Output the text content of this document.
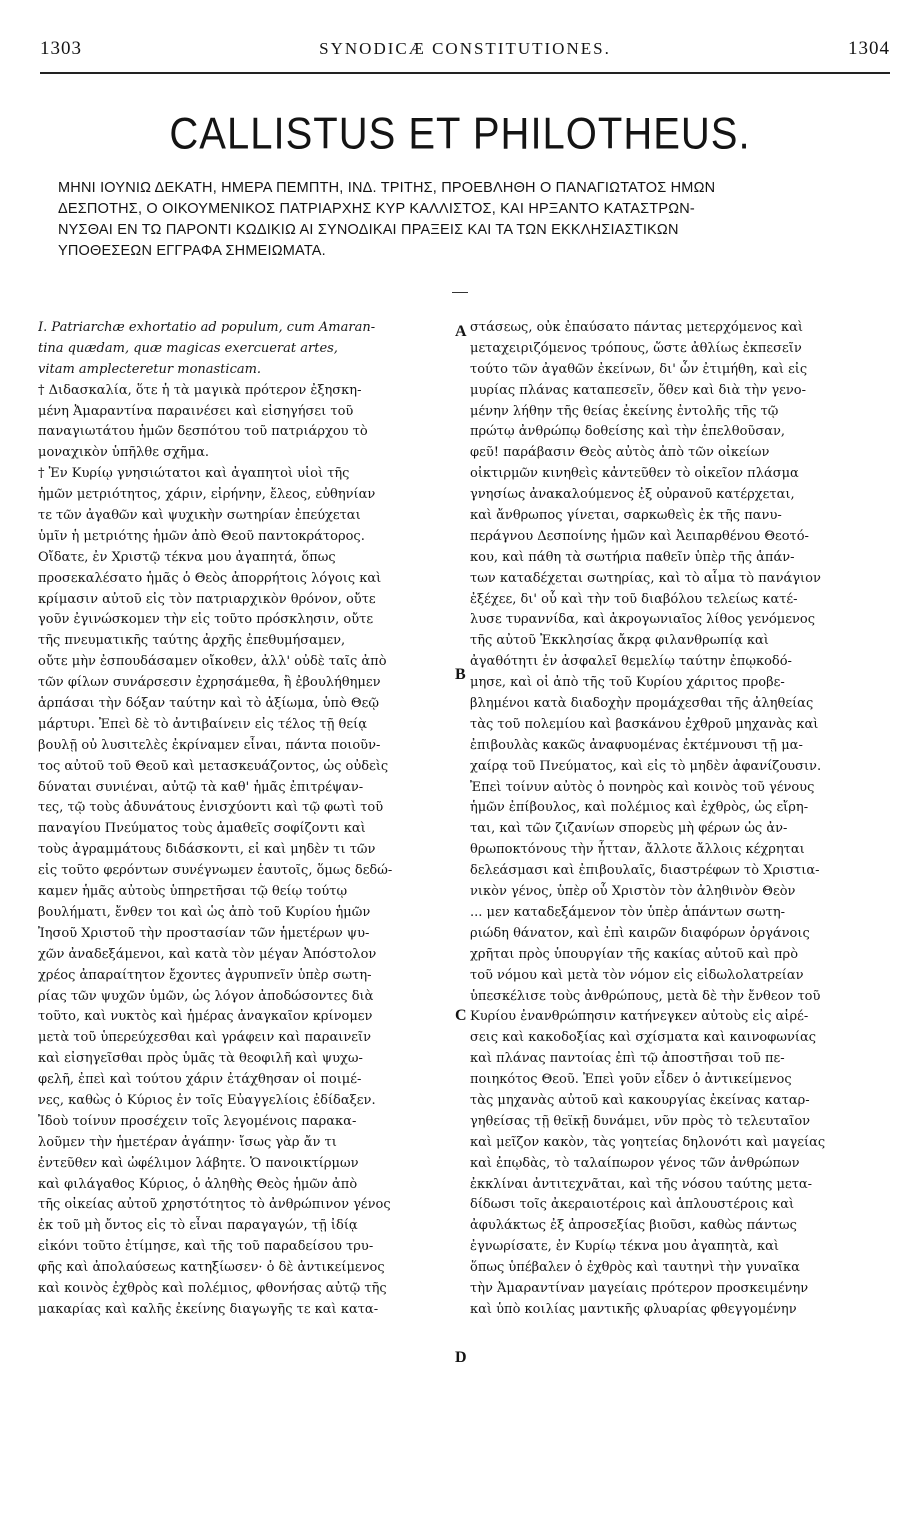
1303	SYNODICÆ CONSTITUTIONES.	1304
CALLISTUS ET PHILOTHEUS.
ΜΗΝΙ ΙΟΥΝΙΩ ΔΕΚΑΤΗ, ΗΜΕΡΑ ΠΕΜΠΤΗ, ΙΝΔ. ΤΡΙΤΗΣ, ΠΡΟΕΒΛΗΘΗ Ο ΠΑΝΑΓΙΩΤΑΤΟΣ ΗΜΩΝ
ΔΕΣΠΟΤΗΣ, Ο ΟΙΚΟΥΜΕΝΙΚΟΣ ΠΑΤΡΙΑΡΧΗΣ ΚΥΡ ΚΑΛΛΙΣΤΟΣ, ΚΑΙ ΗΡΞΑΝΤΟ ΚΑΤΑΣΤΡΩΝ-
ΝΥΣΘΑΙ ΕΝ ΤΩ ΠΑΡΟΝΤΙ ΚΩΔΙΚΙΩ ΑΙ ΣΥΝΟΔΙΚΑΙ ΠΡΑΞΕΙΣ ΚΑΙ ΤΑ ΤΩΝ ΕΚΚΛΗΣΙΑΣΤΙΚΩΝ
ΥΠΟΘΕΣΕΩΝ ΕΓΓΡΑΦΑ ΣΗΜΕΙΩΜΑΤΑ.
I. Patriarchæ exhortatio ad populum, cum Amaran-
tina quædam, quæ magicas exercuerat artes,
vitam amplecteretur monasticam.
† Διδασκαλία, ὅτε ἡ τὰ μαγικὰ πρότερον ἐξησκη-
μένη Ἀμαραντίνα παραινέσει καὶ εἰσηγήσει τοῦ
παναγιωτάτου ἡμῶν δεσπότου τοῦ πατριάρχου τὸ
μοναχικὸν ὑπῆλθε σχῆμα.
† Ἐν Κυρίῳ γνησιώτατοι καὶ ἀγαπητοὶ υἱοὶ τῆς
ἡμῶν μετριότητος, χάριν, εἰρήνην, ἔλεος, εὐθηνίαν
τε τῶν ἀγαθῶν καὶ ψυχικὴν σωτηρίαν ἐπεύχεται
ὑμῖν ἡ μετριότης ἡμῶν ἀπὸ Θεοῦ παντοκράτορος.
Οἴδατε, ἐν Χριστῷ τέκνα μου ἀγαπητά, ὅπως
προσεκαλέσατο ἡμᾶς ὁ Θεὸς ἀπορρήτοις λόγοις καὶ
κρίμασιν αὐτοῦ εἰς τὸν πατριαρχικὸν θρόνον, οὔτε
γοῦν ἐγινώσκομεν τὴν εἰς τοῦτο πρόσκλησιν, οὔτε
τῆς πνευματικῆς ταύτης ἀρχῆς ἐπεθυμήσαμεν,
οὔτε μὴν ἐσπουδάσαμεν οἴκοθεν, ἀλλ' οὐδὲ ταῖς ἀπὸ
τῶν φίλων συνάρσεσιν ἐχρησάμεθα, ἢ ἐβουλήθημεν
ἁρπάσαι τὴν δόξαν ταύτην καὶ τὸ ἀξίωμα, ὑπὸ Θεῷ
μάρτυρι. Ἐπεὶ δὲ τὸ ἀντιβαίνειν εἰς τέλος τῇ θείᾳ
βουλῇ οὐ λυσιτελὲς ἐκρίναμεν εἶναι, πάντα ποιοῦν-
τος αὐτοῦ τοῦ Θεοῦ καὶ μετασκευάζοντος, ὡς οὐδεὶς
δύναται συνιέναι, αὐτῷ τὰ καθ' ἡμᾶς ἐπιτρέψαν-
τες, τῷ τοὺς ἀδυνάτους ἐνισχύοντι καὶ τῷ φωτὶ τοῦ
παναγίου Πνεύματος τοὺς ἀμαθεῖς σοφίζοντι καὶ
τοὺς ἀγραμμάτους διδάσκοντι, εἰ καὶ μηδὲν τι τῶν
εἰς τοῦτο φερόντων συνέγνωμεν ἑαυτοῖς, ὅμως δεδώ-
καμεν ἡμᾶς αὐτοὺς ὑπηρετῆσαι τῷ θείῳ τούτῳ
βουλήματι, ἔνθεν τοι καὶ ὡς ἀπὸ τοῦ Κυρίου ἡμῶν
Ἰησοῦ Χριστοῦ τὴν προστασίαν τῶν ἡμετέρων ψυ-
χῶν ἀναδεξάμενοι, καὶ κατὰ τὸν μέγαν Ἀπόστολον
χρέος ἀπαραίτητον ἔχοντες ἀγρυπνεῖν ὑπὲρ σωτη-
ρίας τῶν ψυχῶν ὑμῶν, ὡς λόγον ἀποδώσοντες διὰ
τοῦτο, καὶ νυκτὸς καὶ ἡμέρας ἀναγκαῖον κρίνομεν
μετὰ τοῦ ὑπερεύχεσθαι καὶ γράφειν καὶ παραινεῖν
καὶ εἰσηγεῖσθαι πρὸς ὑμᾶς τὰ θεοφιλῆ καὶ ψυχω-
φελῆ, ἐπεὶ καὶ τούτου χάριν ἐτάχθησαν οἱ ποιμέ-
νες, καθὼς ὁ Κύριος ἐν τοῖς Εὐαγγελίοις ἐδίδαξεν.
Ἰδοὺ τοίνυν προσέχειν τοῖς λεγομένοις παρακα-
λοῦμεν τὴν ἡμετέραν ἀγάπην· ἴσως γὰρ ἄν τι
ἐντεῦθεν καὶ ὠφέλιμον λάβητε. Ὁ πανοικτίρμων
καὶ φιλάγαθος Κύριος, ὁ ἀληθὴς Θεὸς ἡμῶν ἀπὸ
τῆς οἰκείας αὐτοῦ χρηστότητος τὸ ἀνθρώπινον γένος
ἐκ τοῦ μὴ ὄντος εἰς τὸ εἶναι παραγαγών, τῇ ἰδίᾳ
εἰκόνι τοῦτο ἐτίμησε, καὶ τῆς τοῦ παραδείσου τρυ-
φῆς καὶ ἀπολαύσεως κατηξίωσεν· ὁ δὲ ἀντικείμενος
καὶ κοινὸς ἐχθρὸς καὶ πολέμιος, φθονήσας αὐτῷ τῆς
μακαρίας καὶ καλῆς ἐκείνης διαγωγῆς τε καὶ κατα-
στάσεως, οὐκ ἐπαύσατο πάντας μετερχόμενος καὶ
μεταχειριζόμενος τρόπους, ὥστε ἀθλίως ἐκπεσεῖν
τούτο τῶν ἀγαθῶν ἐκείνων, δι' ὧν ἐτιμήθη, καὶ εἰς
μυρίας πλάνας καταπεσεῖν, ὅθεν καὶ διὰ τὴν γενο-
μένην λήθην τῆς θείας ἐκείνης ἐντολῆς τῆς τῷ
πρώτῳ ἀνθρώπῳ δοθείσης καὶ τὴν ἐπελθοῦσαν,
φεῦ! παράβασιν Θεὸς αὐτὸς ἀπὸ τῶν οἰκείων
οἰκτιρμῶν κινηθεὶς κἀντεῦθεν τὸ οἰκεῖον πλάσμα
γνησίως ἀνακαλούμενος ἐξ οὐρανοῦ κατέρχεται,
καὶ ἄνθρωπος γίνεται, σαρκωθεὶς ἐκ τῆς πανυ-
περάγνου Δεσποίνης ἡμῶν καὶ Ἀειπαρθένου Θεοτό-
κου, καὶ πάθη τὰ σωτήρια παθεῖν ὑπὲρ τῆς ἁπάν-
των καταδέχεται σωτηρίας, καὶ τὸ αἷμα τὸ πανάγιον
ἐξέχεε, δι' οὗ καὶ τὴν τοῦ διαβόλου τελείως κατέ-
λυσε τυραννίδα, καὶ ἀκρογωνιαῖος λίθος γενόμενος
τῆς αὐτοῦ Ἐκκλησίας ἄκρᾳ φιλανθρωπίᾳ καὶ
ἀγαθότητι ἐν ἀσφαλεῖ θεμελίῳ ταύτην ἐπῳκοδό-
μησε, καὶ οἱ ἀπὸ τῆς τοῦ Κυρίου χάριτος προβε-
βλημένοι κατὰ διαδοχὴν προμάχεσθαι τῆς ἀληθείας
τὰς τοῦ πολεμίου καὶ βασκάνου ἐχθροῦ μηχανὰς καὶ
ἐπιβουλὰς κακῶς ἀναφυομένας ἐκτέμνουσι τῇ μα-
χαίρᾳ τοῦ Πνεύματος, καὶ εἰς τὸ μηδὲν ἀφανίζουσιν.
Ἐπεὶ τοίνυν αὐτὸς ὁ πονηρὸς καὶ κοινὸς τοῦ γένους
ἡμῶν ἐπίβουλος, καὶ πολέμιος καὶ ἐχθρὸς, ὡς εἴρη-
ται, καὶ τῶν ζιζανίων σπορεὺς μὴ φέρων ὡς ἀν-
θρωποκτόνους τὴν ἧτταν, ἄλλοτε ἄλλοις κέχρηται
δελεάσμασι καὶ ἐπιβουλαῖς, διαστρέφων τὸ Χριστια-
νικὸν γένος, ὑπὲρ οὗ Χριστὸν τὸν ἀληθινὸν Θεὸν
... μεν καταδεξάμενον τὸν ὑπὲρ ἁπάντων σωτη-
ριώδη θάνατον, καὶ ἐπὶ καιρῶν διαφόρων ὀργάνοις
χρῆται πρὸς ὑπουργίαν τῆς κακίας αὐτοῦ καὶ πρὸ
τοῦ νόμου καὶ μετὰ τὸν νόμον εἰς εἰδωλολατρείαν
ὑπεσκέλισε τοὺς ἀνθρώπους, μετὰ δὲ τὴν ἔνθεον τοῦ
Κυρίου ἐνανθρώπησιν κατήνεγκεν αὐτοὺς εἰς αἱρέ-
σεις καὶ κακοδοξίας καὶ σχίσματα καὶ καινοφωνίας
καὶ πλάνας παντοίας ἐπὶ τῷ ἀποστῆσαι τοῦ πε-
ποιηκότος Θεοῦ. Ἐπεὶ γοῦν εἶδεν ὁ ἀντικείμενος
τὰς μηχανὰς αὐτοῦ καὶ κακουργίας ἐκείνας καταρ-
γηθείσας τῇ θεϊκῇ δυνάμει, νῦν πρὸς τὸ τελευταῖον
καὶ μεῖζον κακὸν, τὰς γοητείας δηλονότι καὶ μαγείας
καὶ ἐπῳδὰς, τὸ ταλαίπωρον γένος τῶν ἀνθρώπων
ἐκκλίναι ἀντιτεχνᾶται, καὶ τῆς νόσου ταύτης μετα-
δίδωσι τοῖς ἀκεραιοτέροις καὶ ἁπλουστέροις καὶ
ἀφυλάκτως ἐξ ἀπροσεξίας βιοῦσι, καθὼς πάντως
ἐγνωρίσατε, ἐν Κυρίῳ τέκνα μου ἀγαπητὰ, καὶ
ὅπως ὑπέβαλεν ὁ ἐχθρὸς καὶ ταυτηνὶ τὴν γυναῖκα
τὴν Ἀμαραντίναν μαγείαις πρότερον προσκειμένην
καὶ ὑπὸ κοιλίας μαντικῆς φλυαρίας φθεγγομένην
A
B
C
D
